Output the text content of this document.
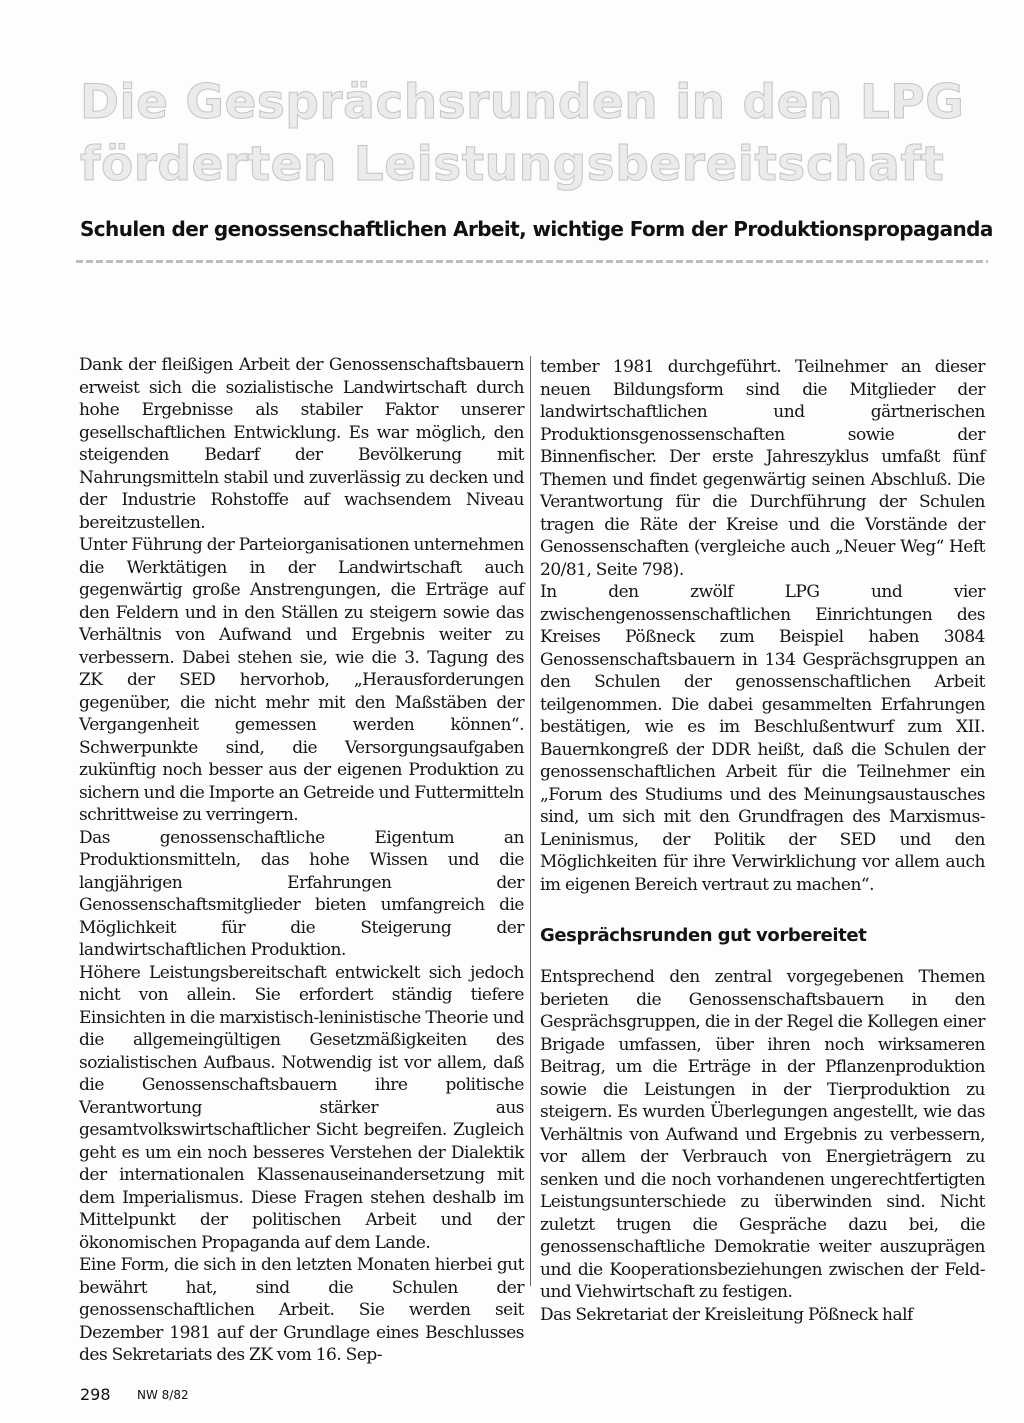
Die Gesprächsrunden in den LPG
förderten Leistungsbereitschaft
Schulen der genossenschaftlichen Arbeit, wichtige Form der Produktionspropaganda

Dank der fleißigen Arbeit der Genossenschaftsbauern erweist sich die sozialistische Landwirtschaft durch hohe Ergebnisse als stabiler Faktor unserer gesellschaftlichen Entwicklung. Es war möglich, den steigenden Bedarf der Bevölkerung mit Nahrungsmitteln stabil und zuverlässig zu decken und der Industrie Rohstoffe auf wachsendem Niveau bereitzustellen.

Unter Führung der Parteiorganisationen unternehmen die Werktätigen in der Landwirtschaft auch gegenwärtig große Anstrengungen, die Erträge auf den Feldern und in den Ställen zu steigern sowie das Verhältnis von Aufwand und Ergebnis weiter zu verbessern. Dabei stehen sie, wie die 3. Tagung des ZK der SED hervorhob, „Herausforderungen gegenüber, die nicht mehr mit den Maßstäben der Vergangenheit gemessen werden können“. Schwerpunkte sind, die Versorgungsaufgaben zukünftig noch besser aus der eigenen Produktion zu sichern und die Importe an Getreide und Futtermitteln schrittweise zu verringern.

Das genossenschaftliche Eigentum an Produktionsmitteln, das hohe Wissen und die langjährigen Erfahrungen der Genossenschaftsmitglieder bieten umfangreich die Möglichkeit für die Steigerung der landwirtschaftlichen Produktion.

Höhere Leistungsbereitschaft entwickelt sich jedoch nicht von allein. Sie erfordert ständig tiefere Einsichten in die marxistisch-leninistische Theorie und die allgemeingültigen Gesetzmäßigkeiten des sozialistischen Aufbaus. Notwendig ist vor allem, daß die Genossenschaftsbauern ihre politische Verantwortung stärker aus gesamtvolkswirtschaftlicher Sicht begreifen. Zugleich geht es um ein noch besseres Verstehen der Dialektik der internationalen Klassenauseinandersetzung mit dem Imperialismus. Diese Fragen stehen deshalb im Mittelpunkt der politischen Arbeit und der ökonomischen Propaganda auf dem Lande.

Eine Form, die sich in den letzten Monaten hierbei gut bewährt hat, sind die Schulen der genossenschaftlichen Arbeit. Sie werden seit Dezember 1981 auf der Grundlage eines Beschlusses des Sekretariats des ZK vom 16. Sep-

tember 1981 durchgeführt. Teilnehmer an dieser neuen Bildungsform sind die Mitglieder der landwirtschaftlichen und gärtnerischen Produktionsgenossenschaften sowie der Binnenfischer. Der erste Jahreszyklus umfaßt fünf Themen und findet gegenwärtig seinen Abschluß. Die Verantwortung für die Durchführung der Schulen tragen die Räte der Kreise und die Vorstände der Genossenschaften (vergleiche auch „Neuer Weg“ Heft 20/81, Seite 798).

In den zwölf LPG und vier zwischengenossenschaftlichen Einrichtungen des Kreises Pößneck zum Beispiel haben 3084 Genossenschaftsbauern in 134 Gesprächsgruppen an den Schulen der genossenschaftlichen Arbeit teilgenommen. Die dabei gesammelten Erfahrungen bestätigen, wie es im Beschlußentwurf zum XII. Bauernkongreß der DDR heißt, daß die Schulen der genossenschaftlichen Arbeit für die Teilnehmer ein „Forum des Studiums und des Meinungsaustausches sind, um sich mit den Grundfragen des Marxismus-Leninismus, der Politik der SED und den Möglichkeiten für ihre Verwirklichung vor allem auch im eigenen Bereich vertraut zu machen“.

Gesprächsrunden gut vorbereitet

Entsprechend den zentral vorgegebenen Themen berieten die Genossenschaftsbauern in den Gesprächsgruppen, die in der Regel die Kollegen einer Brigade umfassen, über ihren noch wirksameren Beitrag, um die Erträge in der Pflanzenproduktion sowie die Leistungen in der Tierproduktion zu steigern. Es wurden Überlegungen angestellt, wie das Verhältnis von Aufwand und Ergebnis zu verbessern, vor allem der Verbrauch von Energieträgern zu senken und die noch vorhandenen ungerechtfertigten Leistungsunterschiede zu überwinden sind. Nicht zuletzt trugen die Gespräche dazu bei, die genossenschaftliche Demokratie weiter auszuprägen und die Kooperationsbeziehungen zwischen der Feld- und Viehwirtschaft zu festigen.

Das Sekretariat der Kreisleitung Pößneck half

298 NW 8/82
